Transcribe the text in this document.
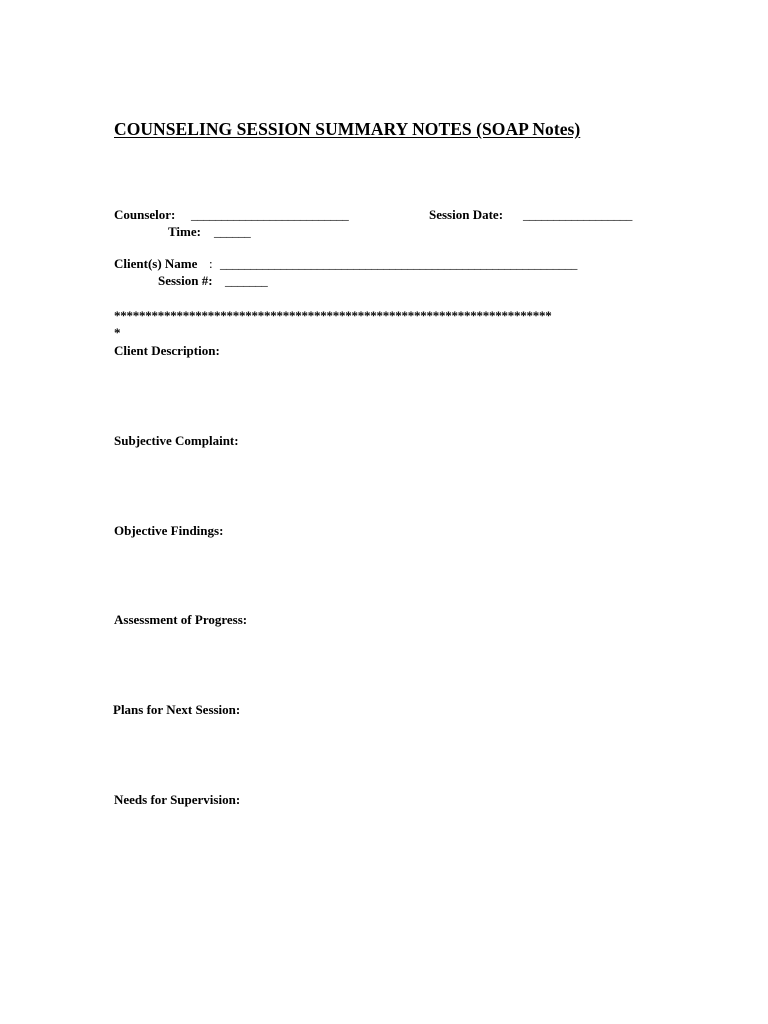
COUNSELING SESSION SUMMARY NOTES (SOAP Notes)
Counselor: __________________________	Session Date: __________________
Time: ______
Client(s) Name : ___________________________________________________________
Session #: _______
**********************************************************************
*
Client Description:
Subjective Complaint:
Objective Findings:
Assessment of Progress:
Plans for Next Session:
Needs for Supervision:
